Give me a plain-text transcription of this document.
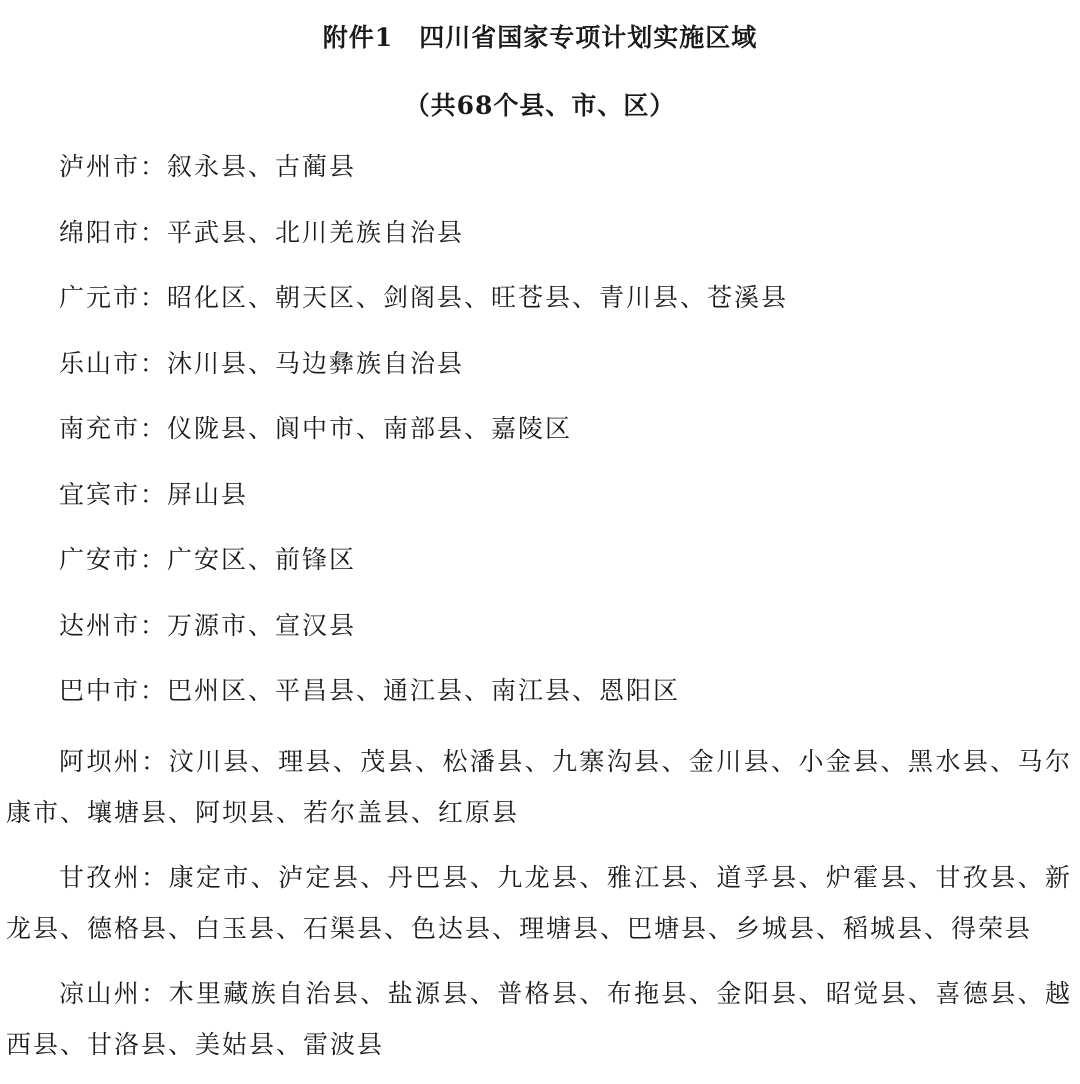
附件1　四川省国家专项计划实施区域
（共68个县、市、区）

泸州市：叙永县、古蔺县

绵阳市：平武县、北川羌族自治县

广元市：昭化区、朝天区、剑阁县、旺苍县、青川县、苍溪县

乐山市：沐川县、马边彝族自治县

南充市：仪陇县、阆中市、南部县、嘉陵区

宜宾市：屏山县

广安市：广安区、前锋区

达州市：万源市、宣汉县

巴中市：巴州区、平昌县、通江县、南江县、恩阳区

阿坝州：汶川县、理县、茂县、松潘县、九寨沟县、金川县、小金县、黑水县、马尔康市、壤塘县、阿坝县、若尔盖县、红原县

甘孜州：康定市、泸定县、丹巴县、九龙县、雅江县、道孚县、炉霍县、甘孜县、新龙县、德格县、白玉县、石渠县、色达县、理塘县、巴塘县、乡城县、稻城县、得荣县

凉山州：木里藏族自治县、盐源县、普格县、布拖县、金阳县、昭觉县、喜德县、越西县、甘洛县、美姑县、雷波县
